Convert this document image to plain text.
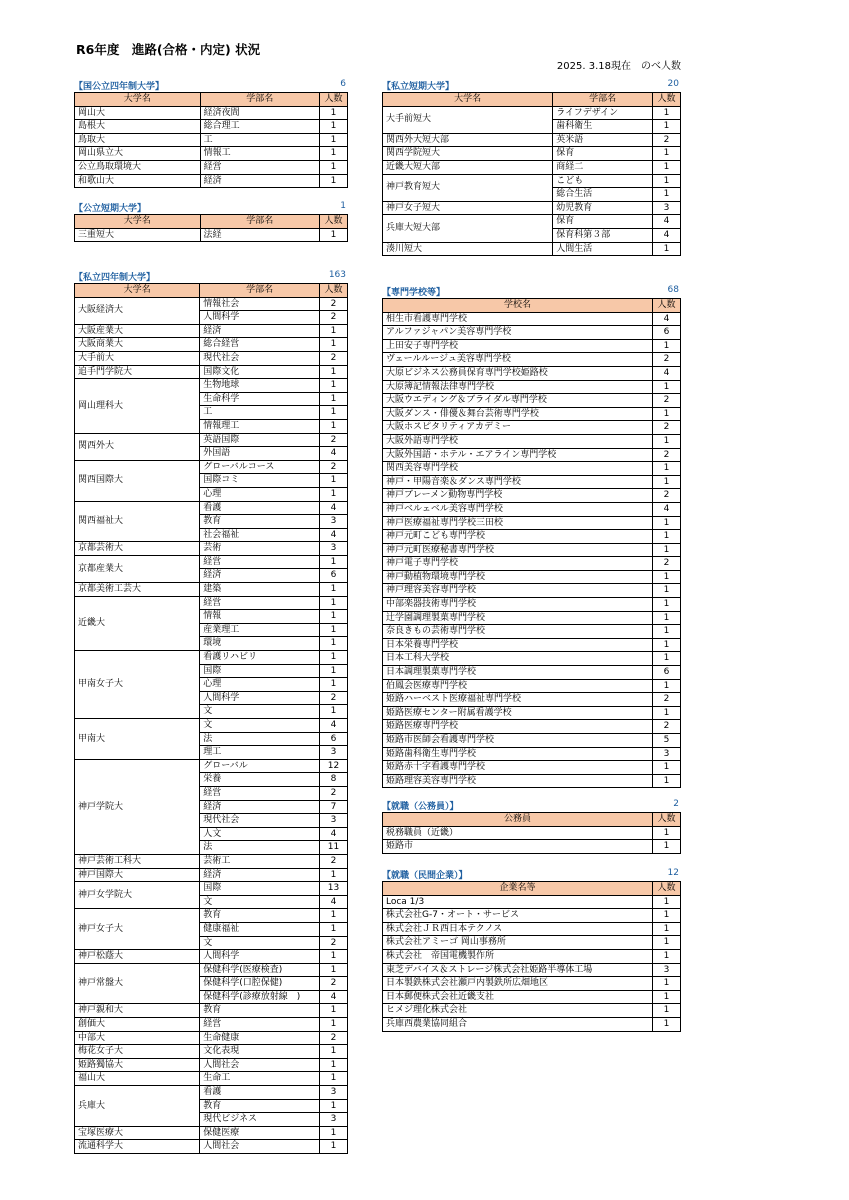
R6年度　進路(合格・内定) 状況
2025. 3.18現在　のべ人数
【国公立四年制大学】	6
大学名	学部名	人数
岡山大	経済夜間	1
島根大	総合理工	1
鳥取大	工	1
岡山県立大	情報工	1
公立鳥取環境大	経営	1
和歌山大	経済	1
【公立短期大学】	1
大学名	学部名	人数
三重短大	法経	1
【私立四年制大学】	163
大学名	学部名	人数
大阪経済大	情報社会	2
	人間科学	2
大阪産業大	経済	1
大阪商業大	総合経営	1
大手前大	現代社会	2
追手門学院大	国際文化	1
岡山理科大	生物地球	1
	生命科学	1
	工	1
	情報理工	1
関西外大	英語国際	2
	外国語	4
関西国際大	グローバルコース	2
	国際コミ	1
	心理	1
関西福祉大	看護	4
	教育	3
	社会福祉	4
京都芸術大	芸術	3
京都産業大	経営	1
	経済	6
京都美術工芸大	建築	1
近畿大	経営	1
	情報	1
	産業理工	1
	環境	1
甲南女子大	看護リハビリ	1
	国際	1
	心理	1
	人間科学	2
	文	1
甲南大	文	4
	法	6
	理工	3
神戸学院大	グローバル	12
	栄養	8
	経営	2
	経済	7
	現代社会	3
	人文	4
	法	11
神戸芸術工科大	芸術工	2
神戸国際大	経済	1
神戸女学院大	国際	13
	文	4
神戸女子大	教育	1
	健康福祉	1
	文	2
神戸松蔭大	人間科学	1
神戸常盤大	保健科学(医療検査)	1
	保健科学(口腔保健)	2
	保健科学(診療放射線　)	4
神戸親和大	教育	1
創価大	経営	1
中部大	生命健康	2
梅花女子大	文化表現	1
姫路獨協大	人間社会	1
福山大	生命工	1
兵庫大	看護	3
	教育	1
	現代ビジネス	3
宝塚医療大	保健医療	1
流通科学大	人間社会	1
【私立短期大学】	20
大学名	学部名	人数
大手前短大	ライフデザイン	1
	歯科衛生	1
関西外大短大部	英米語	2
関西学院短大	保育	1
近畿大短大部	商経二	1
神戸教育短大	こども	1
	総合生活	1
神戸女子短大	幼児教育	3
兵庫大短大部	保育	4
	保育科第３部	4
湊川短大	人間生活	1
【専門学校等】	68
学校名	人数
相生市看護専門学校	4
アルファジャパン美容専門学校	6
上田安子専門学校	1
ヴェールルージュ美容専門学校	2
大原ビジネス公務員保育専門学校姫路校	4
大原簿記情報法律専門学校	1
大阪ウエディング＆ブライダル専門学校	2
大阪ダンス・俳優＆舞台芸術専門学校	1
大阪ホスピタリティアカデミー	2
大阪外語専門学校	1
大阪外国語・ホテル・エアライン専門学校	2
関西美容専門学校	1
神戸・甲陽音楽＆ダンス専門学校	1
神戸ブレーメン動物専門学校	2
神戸ベルェベル美容専門学校	4
神戸医療福祉専門学校三田校	1
神戸元町こども専門学校	1
神戸元町医療秘書専門学校	1
神戸電子専門学校	2
神戸動植物環境専門学校	1
神戸理容美容専門学校	1
中部楽器技術専門学校	1
辻学園調理製菓専門学校	1
奈良きもの芸術専門学校	1
日本栄養専門学校	1
日本工科大学校	1
日本調理製菓専門学校	6
伯鳳会医療専門学校	1
姫路ハーベスト医療福祉専門学校	2
姫路医療センター附属看護学校	1
姫路医療専門学校	2
姫路市医師会看護専門学校	5
姫路歯科衛生専門学校	3
姫路赤十字看護専門学校	1
姫路理容美容専門学校	1
【就職（公務員）】	2
公務員	人数
税務職員（近畿）	1
姫路市	1
【就職（民間企業）】	12
企業名等	人数
Loca 1/3	1
株式会社G-7・オート・サービス	1
株式会社ＪＲ西日本テクノス	1
株式会社アミーゴ 岡山事務所	1
株式会社　帝国電機製作所	1
東芝デバイス＆ストレージ株式会社姫路半導体工場	3
日本製鉄株式会社瀬戸内製鉄所広畑地区	1
日本郵便株式会社近畿支社	1
ヒメジ理化株式会社	1
兵庫西農業協同組合	1
